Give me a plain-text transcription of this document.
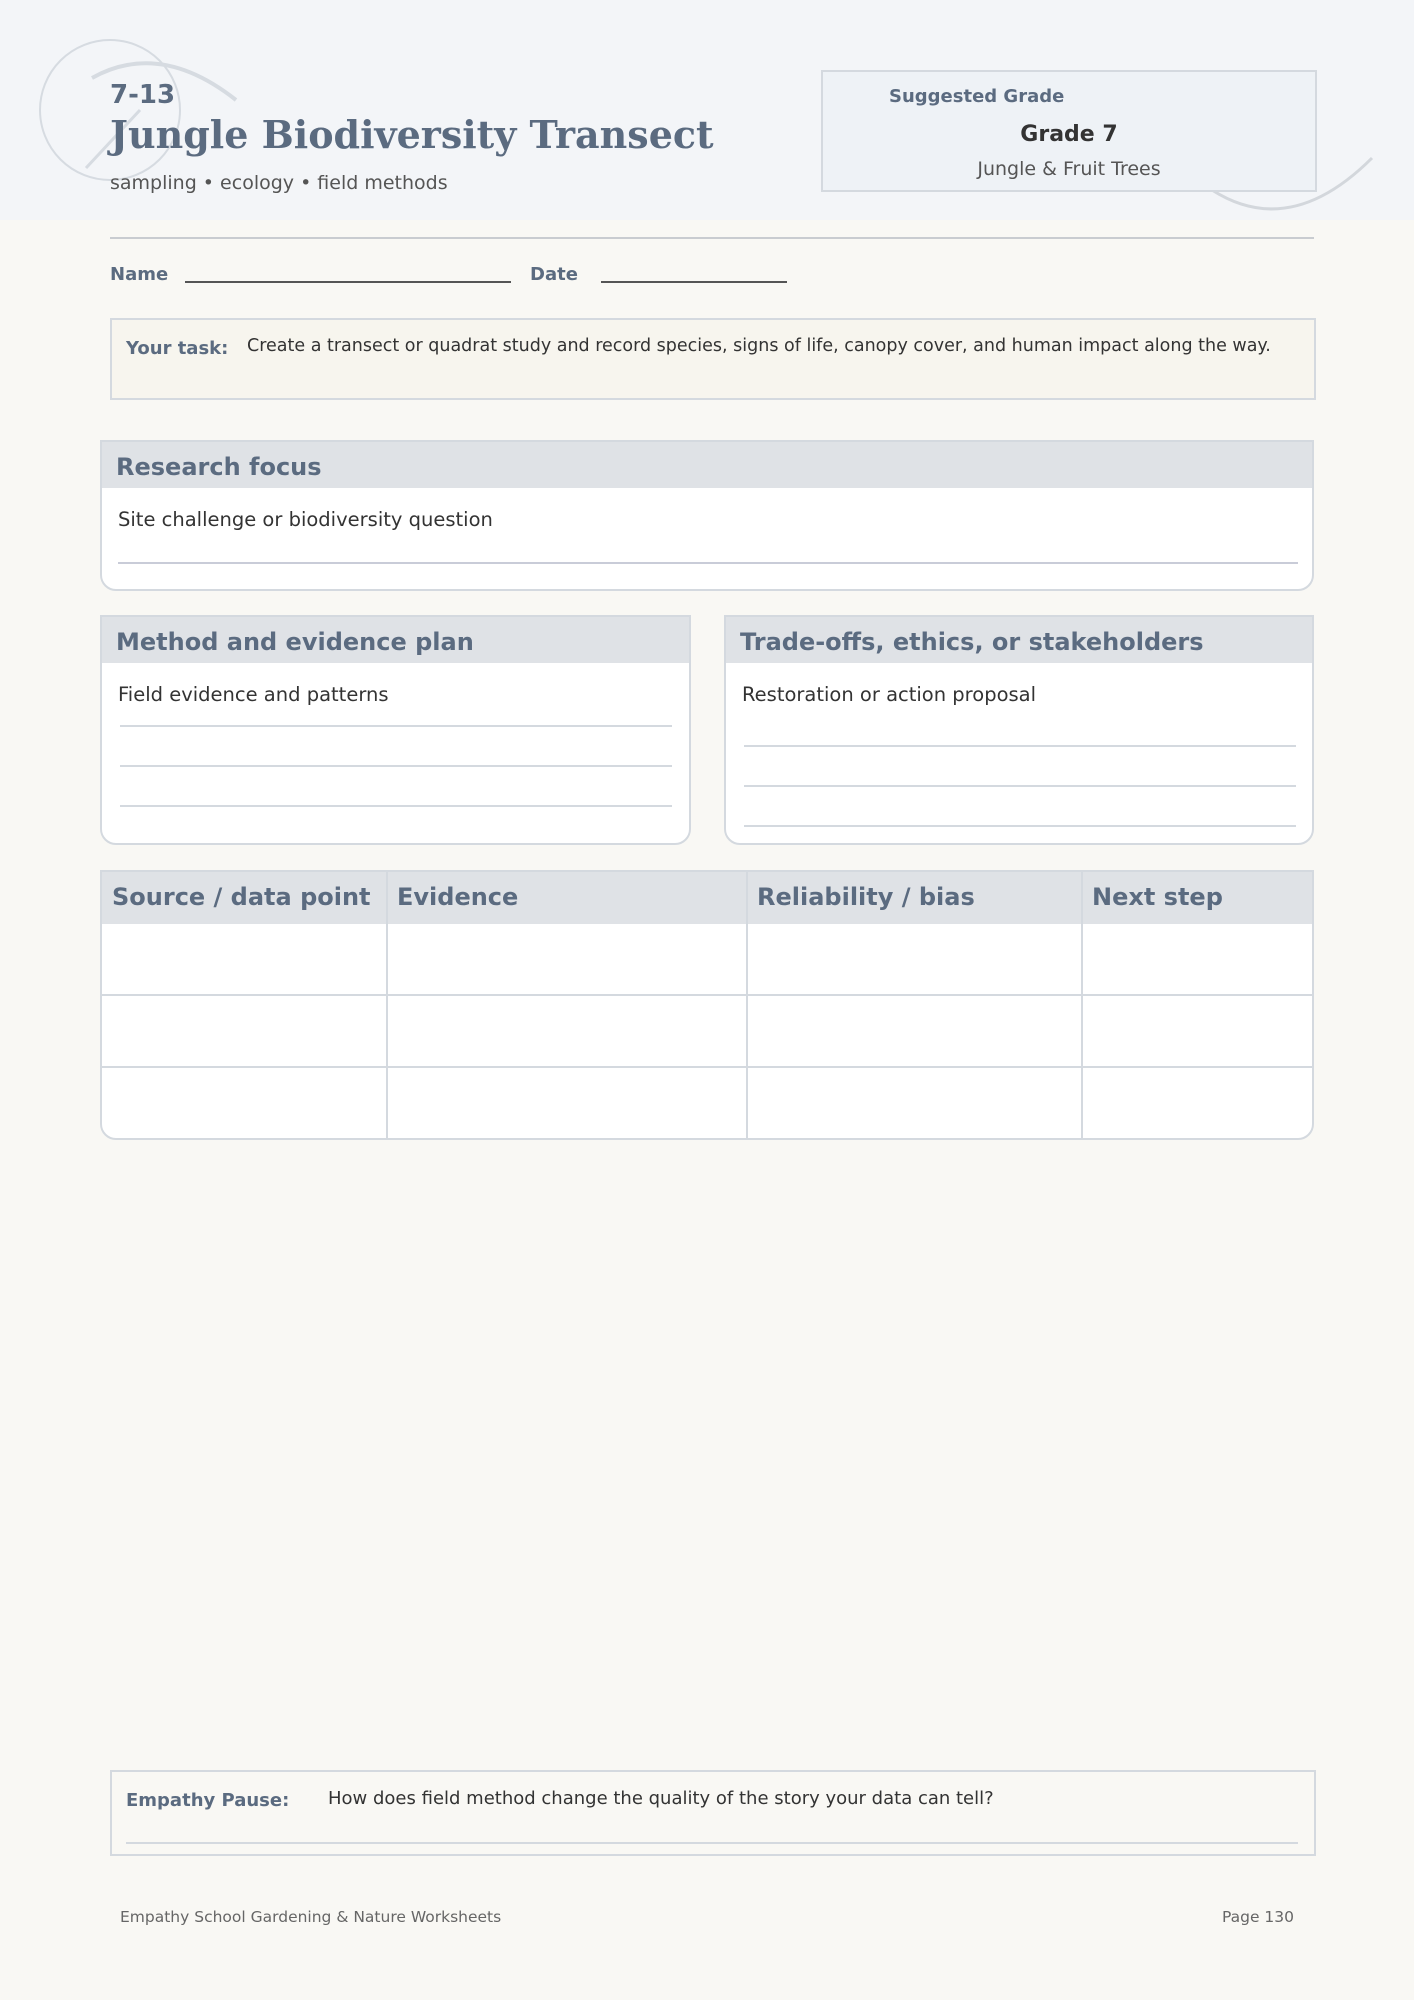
7-13
Jungle Biodiversity Transect
sampling • ecology • field methods
Suggested Grade
Grade 7
Jungle & Fruit Trees
Name	Date
Your task: Create a transect or quadrat study and record species, signs of life, canopy cover, and human impact along the way.
Research focus
Site challenge or biodiversity question
Method and evidence plan
Field evidence and patterns
Trade-offs, ethics, or stakeholders
Restoration or action proposal
Source / data point	Evidence	Reliability / bias	Next step
Empathy Pause: How does field method change the quality of the story your data can tell?
Empathy School Gardening & Nature Worksheets	Page 130
